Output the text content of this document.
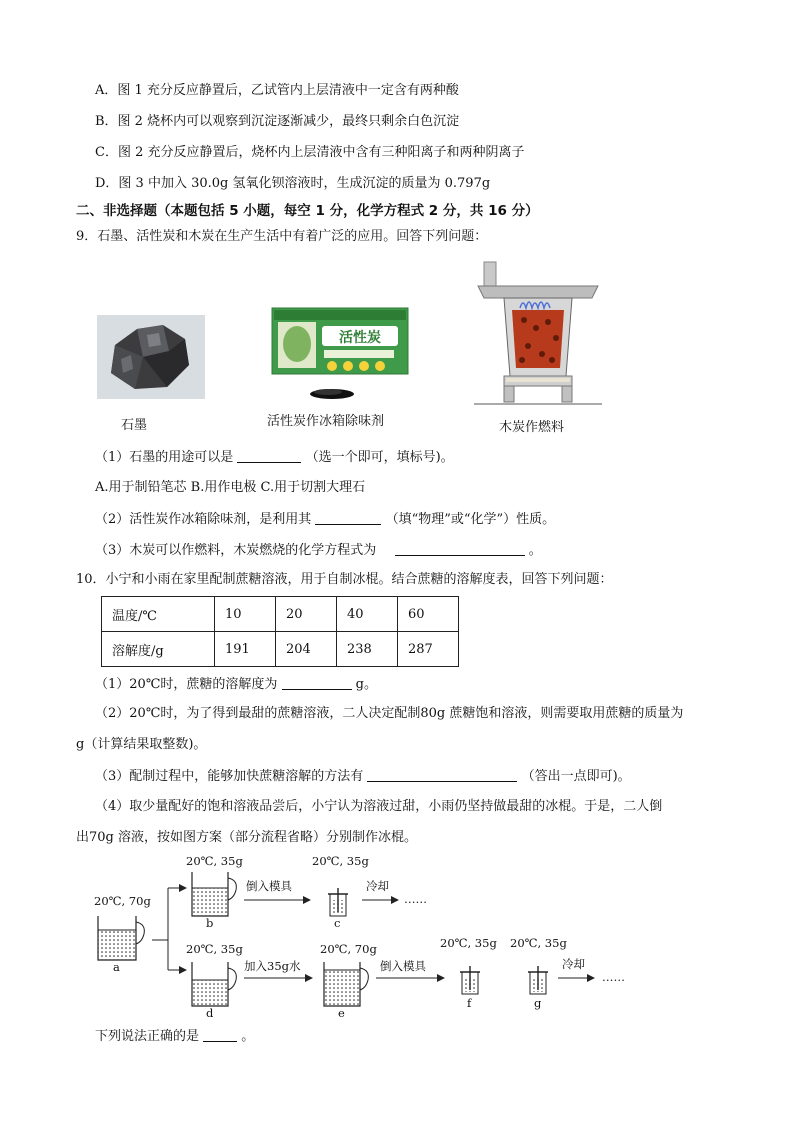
A．图 1 充分反应静置后，乙试管内上层清液中一定含有两种酸
B．图 2 烧杯内可以观察到沉淀逐渐减少，最终只剩余白色沉淀
C．图 2 充分反应静置后，烧杯内上层清液中含有三种阳离子和两种阴离子
D．图 3 中加入 30.0g 氢氧化钡溶液时，生成沉淀的质量为 0.797g
二、非选择题（本题包括 5 小题，每空 1 分，化学方程式 2 分，共 16 分）
9．石墨、活性炭和木炭在生产生活中有着广泛的应用。回答下列问题：
石墨
活性炭
活性炭作冰箱除味剂	木炭作燃料
（1）石墨的用途可以是	（选一个即可，填标号)。
A.用于制铅笔芯 B.用作电极 C.用于切割大理石
（2）活性炭作冰箱除味剂，是利用其	（填“物理”或“化学”）性质。
（3）木炭可以作燃料，木炭燃烧的化学方程式为	。
10．小宁和小雨在家里配制蔗糖溶液，用于自制冰棍。结合蔗糖的溶解度表，回答下列问题：
温度/℃	10	20	40	60
溶解度/g	191	204	238	287
（1）20℃时，蔗糖的溶解度为	g。
（2）20℃时，为了得到最甜的蔗糖溶液，二人决定配制80g 蔗糖饱和溶液，则需要取用蔗糖的质量为
g（计算结果取整数)。
（3）配制过程中，能够加快蔗糖溶解的方法有	（答出一点即可)。
（4）取少量配好的饱和溶液品尝后，小宁认为溶液过甜，小雨仍坚持做最甜的冰棍。于是，二人倒
出70g 溶液，按如图方案（部分流程省略）分别制作冰棍。
20℃, 70g
a
20℃, 35g
b
倒入模具
20℃, 35g
c
冷却
……
20℃, 35g
d
加入35g水
20℃, 70g
e
倒入模具
20℃, 35g
f
20℃, 35g
g
冷却
……
下列说法正确的是	。
